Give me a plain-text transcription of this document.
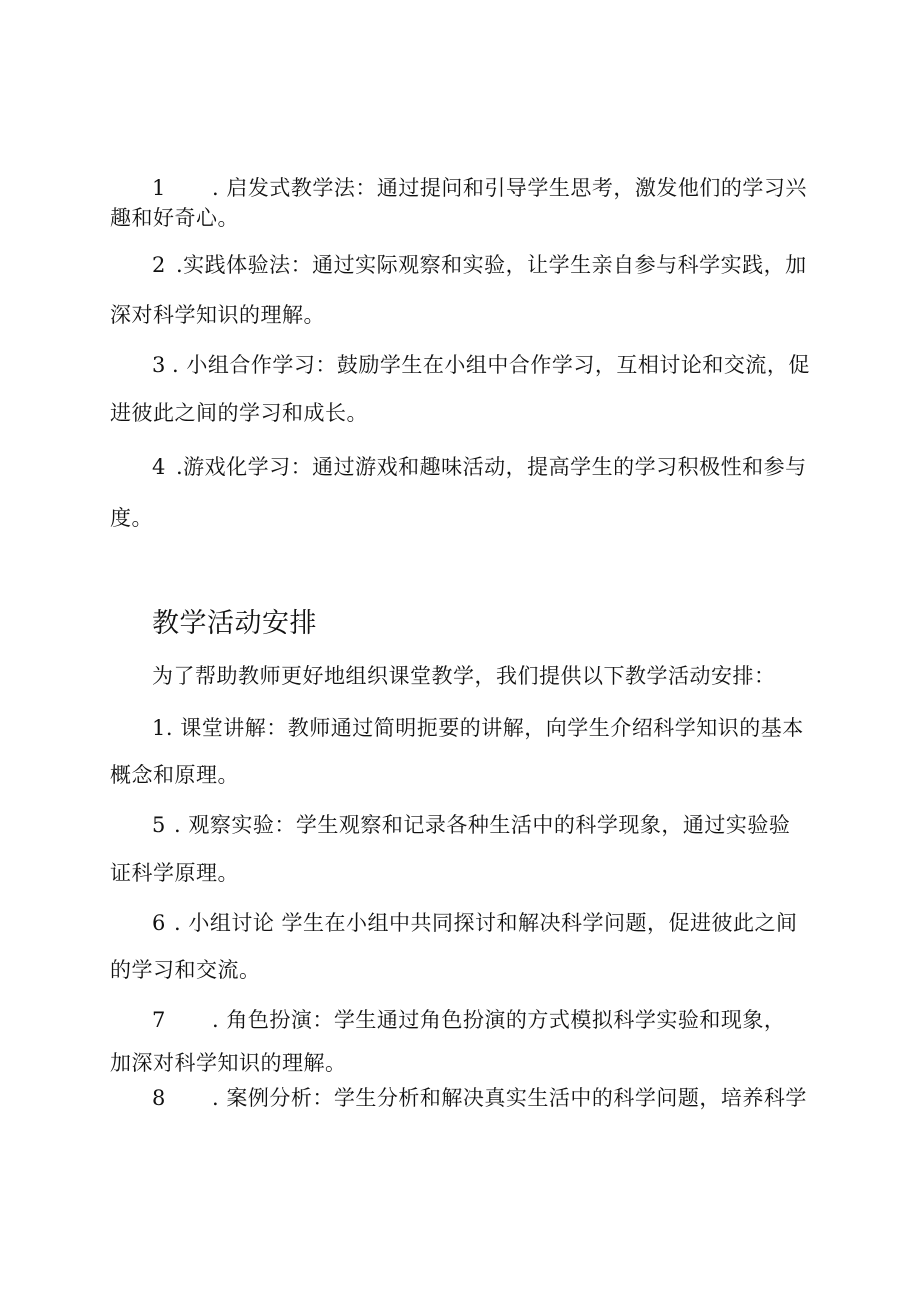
1 . 启发式教学法：通过提问和引导学生思考，激发他们的学习兴
趣和好奇心。
2 .实践体验法：通过实际观察和实验，让学生亲自参与科学实践，加
深对科学知识的理解。
3 . 小组合作学习：鼓励学生在小组中合作学习，互相讨论和交流，促
进彼此之间的学习和成长。
4 .游戏化学习：通过游戏和趣味活动，提高学生的学习积极性和参与
度。
教学活动安排
为了帮助教师更好地组织课堂教学，我们提供以下教学活动安排：
1. 课堂讲解：教师通过简明扼要的讲解，向学生介绍科学知识的基本
概念和原理。
5 . 观察实验：学生观察和记录各种生活中的科学现象，通过实验验
证科学原理。
6 . 小组讨论 学生在小组中共同探讨和解决科学问题，促进彼此之间
的学习和交流。
7 . 角色扮演：学生通过角色扮演的方式模拟科学实验和现象，
加深对科学知识的理解。
8 . 案例分析：学生分析和解决真实生活中的科学问题，培养科学
